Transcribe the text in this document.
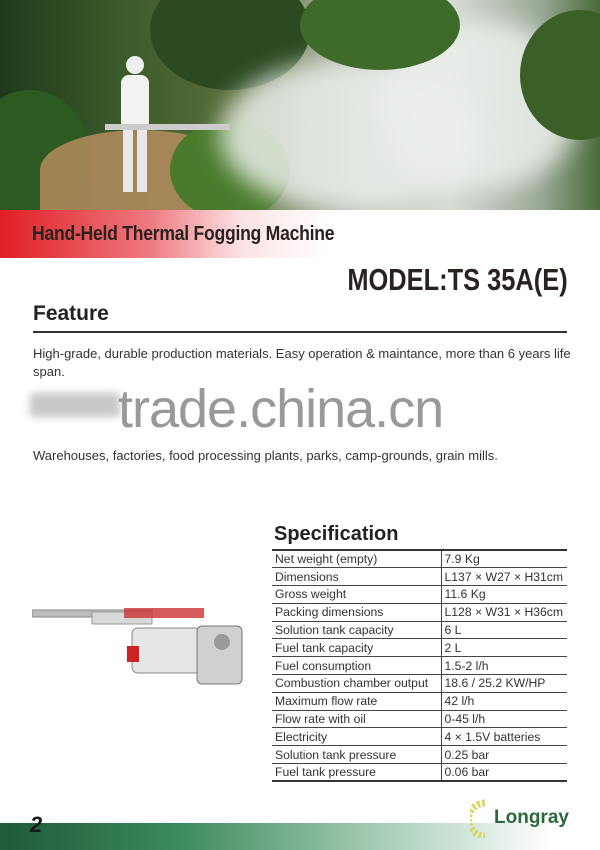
Hand-Held Thermal Fogging Machine
MODEL:TS 35A(E)
Feature
High-grade, durable production materials. Easy operation & maintance, more than 6 years life span.
trade.china.cn
Warehouses, factories, food processing plants, parks, camp-grounds, grain mills.
Specification
Net weight (empty)	7.9 Kg
Dimensions	L137 × W27 × H31cm
Gross weight	11.6 Kg
Packing dimensions	L128 × W31 × H36cm
Solution tank capacity	6 L
Fuel tank capacity	2 L
Fuel consumption	1.5-2 l/h
Combustion chamber output	18.6 / 25.2 KW/HP
Maximum flow rate	42 l/h
Flow rate with oil	0-45 l/h
Electricity	4 × 1.5V batteries
Solution tank pressure	0.25 bar
Fuel tank pressure	0.06 bar
2	Longray
